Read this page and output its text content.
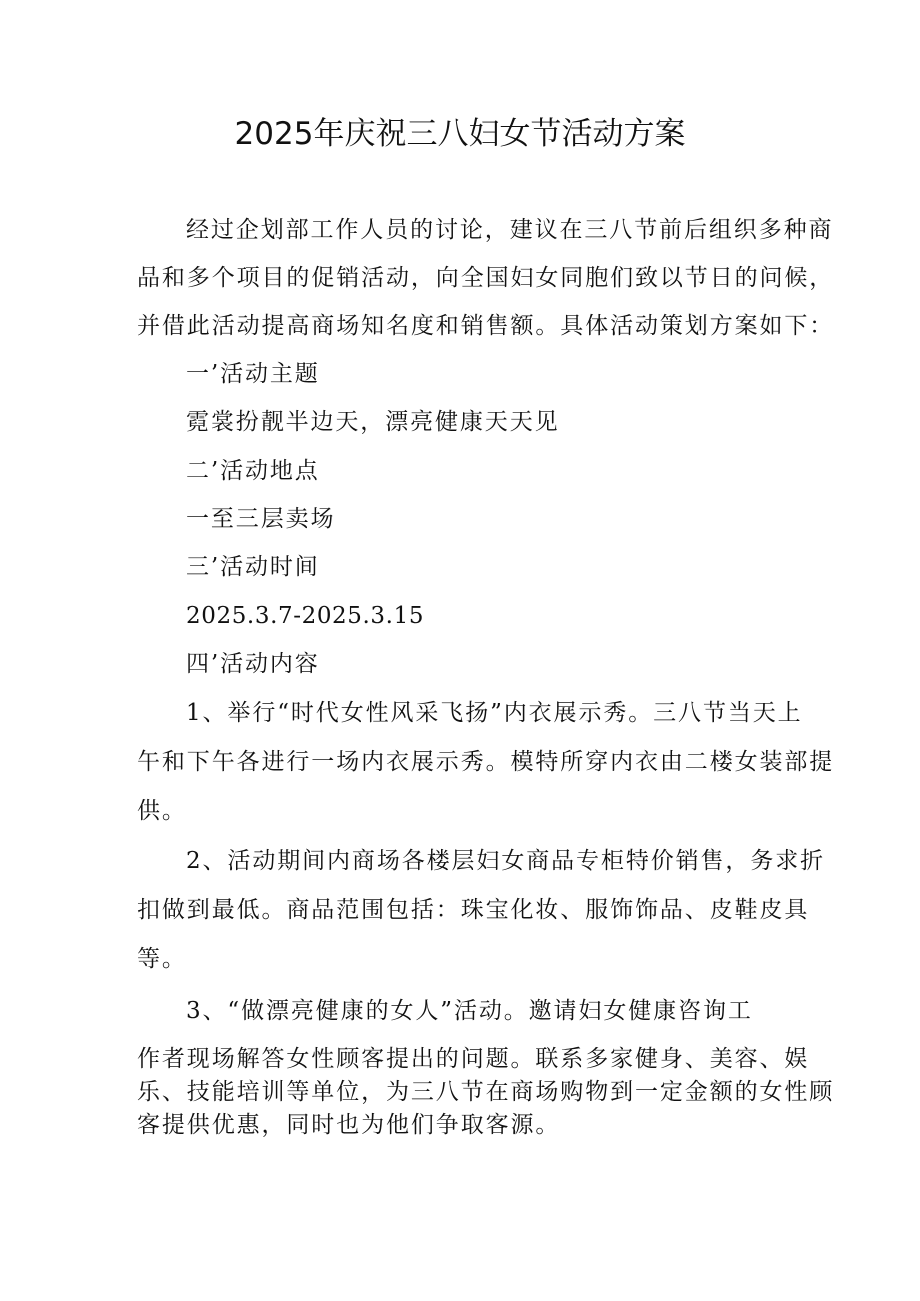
2025年庆祝三八妇女节活动方案
经过企划部工作人员的讨论，建议在三八节前后组织多种商
品和多个项目的促销活动，向全国妇女同胞们致以节日的问候，
并借此活动提高商场知名度和销售额。具体活动策划方案如下：
一’活动主题
霓裳扮靓半边天，漂亮健康天天见
二’活动地点
一至三层卖场
三’活动时间
2025.3.7-2025.3.15
四’活动内容
1、举行“时代女性风采飞扬”内衣展示秀。三八节当天上
午和下午各进行一场内衣展示秀。模特所穿内衣由二楼女装部提
供。
2、活动期间内商场各楼层妇女商品专柜特价销售，务求折
扣做到最低。商品范围包括：珠宝化妆、服饰饰品、皮鞋皮具
等。
3、“做漂亮健康的女人”活动。邀请妇女健康咨询工
作者现场解答女性顾客提出的问题。联系多家健身、美容、娱
乐、技能培训等单位，为三八节在商场购物到一定金额的女性顾
客提供优惠，同时也为他们争取客源。
